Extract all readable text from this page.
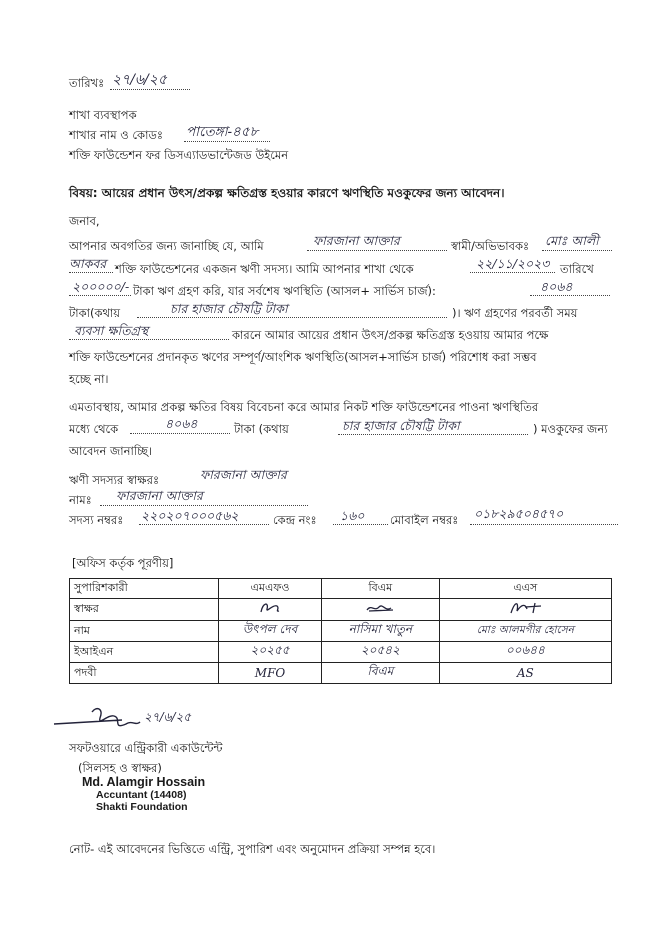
তারিখঃ ২৭/৬/২৫
শাখা ব্যবস্থাপক
শাখার নাম ও কোডঃ পাতেঙ্গা-৪৫৮
শক্তি ফাউন্ডেশন ফর ডিসএ্যাডভান্টেজড উইমেন
বিষয়: আয়ের প্রধান উৎস/প্রকল্প ক্ষতিগ্রস্ত হওয়ার কারণে ঋণস্থিতি মওকুফের জন্য আবেদন।
জনাব,
আপনার অবগতির জন্য জানাচ্ছি যে, আমি	ফারজানা আক্তার	স্বামী/অভিভাবকঃ মোঃ আলী
আকবর শক্তি ফাউন্ডেশনের একজন ঋণী সদস্য। আমি আপনার শাখা থেকে	২২/১১/২০২৩ তারিখে
২০০০০০/- টাকা ঋণ গ্রহণ করি, যার সর্বশেষ ঋণস্থিতি (আসল+ সার্ভিস চার্জ):	৪০৬৪
টাকা(কথায়	চার হাজার চৌষট্টি টাকা	)। ঋণ গ্রহণের পরবর্তী সময়
ব্যবসা ক্ষতিগ্রস্থ	কারনে আমার আয়ের প্রধান উৎস/প্রকল্প ক্ষতিগ্রস্ত হওয়ায় আমার পক্ষে
শক্তি ফাউন্ডেশনের প্রদানকৃত ঋণের সম্পূর্ণ/আংশিক ঋণস্থিতি(আসল+সার্ভিস চার্জ) পরিশোধ করা সম্ভব
হচ্ছে না।
এমতাবস্থায়, আমার প্রকল্প ক্ষতির বিষয় বিবেচনা করে আমার নিকট শক্তি ফাউন্ডেশনের পাওনা ঋণস্থিতির
মধ্যে থেকে	৪০৬৪	টাকা (কথায়	চার হাজার চৌষট্টি টাকা	) মওকুফের জন্য
আবেদন জানাচ্ছি।
ঋণী সদস্যর স্বাক্ষরঃ	ফারজানা আক্তার
নামঃ ফারজানা আক্তার
সদস্য নম্বরঃ ২২০২০৭০০০৫৬২	কেন্দ্র নংঃ ১৬০ মোবাইল নম্বরঃ ০১৮২৯৫০৪৫৭০
[অফিস কর্তৃক পূরণীয়]
সুপারিশকারী	এমএফও	বিএম	এএস
স্বাক্ষর			
নাম	উৎপল দেব	নাসিমা খাতুন	মোঃ আলমগীর হোসেন
ইআইএন	২০২৫৫	২০৫৪২	০০৬৪৪
পদবী	MFO	বিএম	AS
২৭/৬/২৫
সফটওয়ারে এন্ট্রিকারী একাউন্টেন্ট
(সিলসহ ও স্বাক্ষর)
Md. Alamgir Hossain
Accuntant (14408)
Shakti Foundation
নোট- এই আবেদনের ভিত্তিতে এন্ট্রি, সুপারিশ এবং অনুমোদন প্রক্রিয়া সম্পন্ন হবে।
